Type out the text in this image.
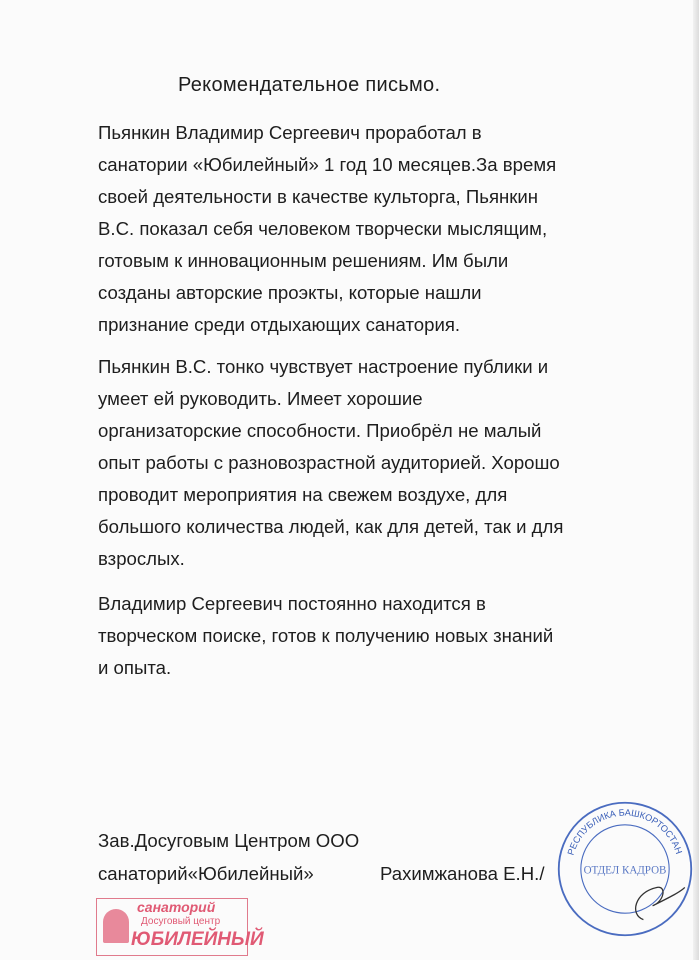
Рекомендательное письмо.
Пьянкин Владимир Сергеевич проработал в
санатории «Юбилейный» 1 год 10 месяцев.За время
своей деятельности в качестве культорга, Пьянкин
В.С. показал себя человеком творчески мыслящим,
готовым к инновационным решениям. Им были
созданы авторские проэкты, которые нашли
признание среди отдыхающих санатория.
Пьянкин В.С. тонко чувствует настроение публики и
умеет ей руководить. Имеет хорошие
организаторские способности. Приобрёл не малый
опыт работы с разновозрастной аудиторией. Хорошо
проводит мероприятия на свежем воздухе, для
большого количества людей, как для детей, так и для
взрослых.
Владимир Сергеевич постоянно находится в
творческом поиске, готов к получению новых знаний
и опыта.
санаторий
Досуговый центр
ЮБИЛЕЙНЫЙ
РЕСПУБЛИКА БАШКОРТОСТАН
ОТДЕЛ КАДРОВ
Зав.Досуговым Центром ООО
санаторий«Юбилейный»	Рахимжанова Е.Н./
